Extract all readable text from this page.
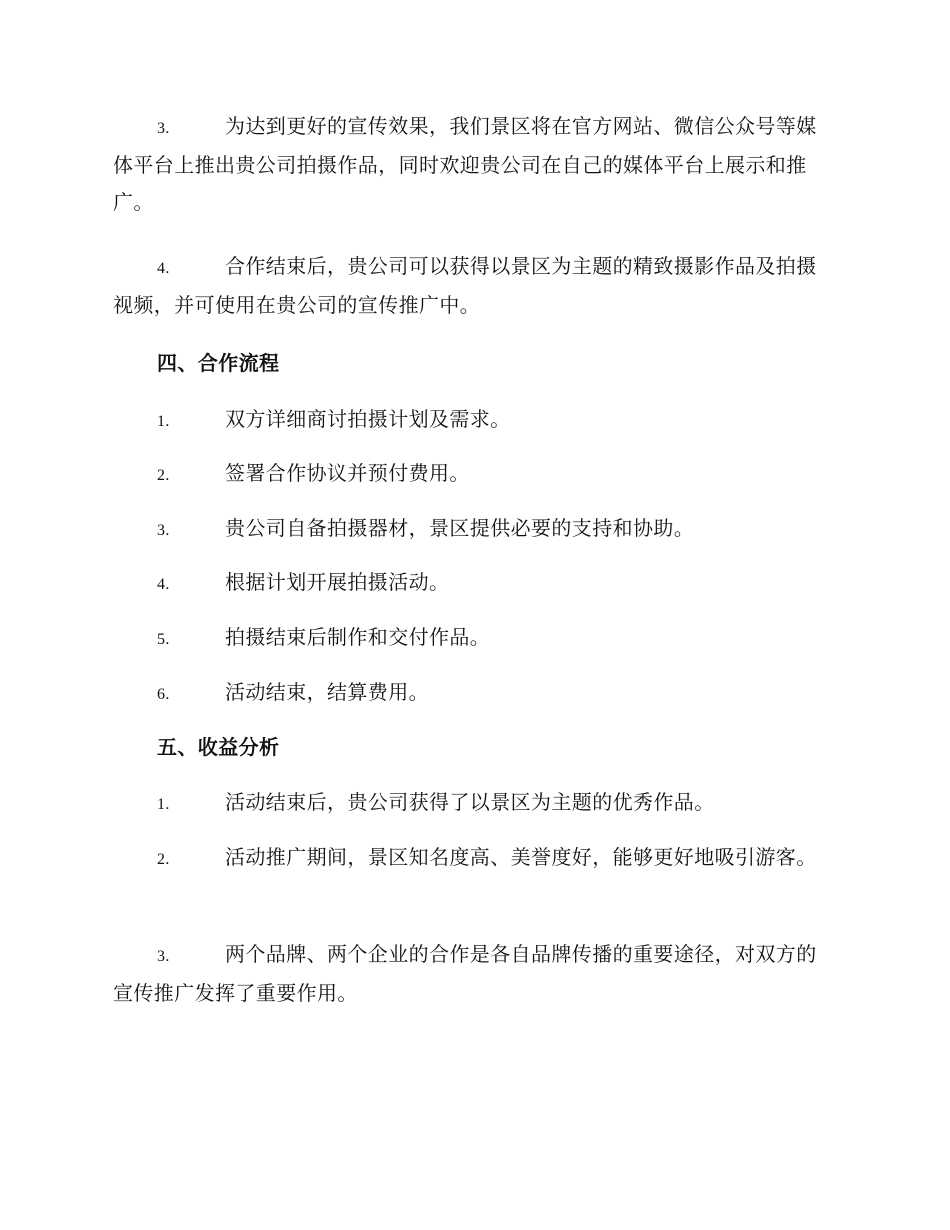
3.	为达到更好的宣传效果，我们景区将在官方网站、微信公众号等媒体平台上推出贵公司拍摄作品，同时欢迎贵公司在自己的媒体平台上展示和推广。

4.	合作结束后，贵公司可以获得以景区为主题的精致摄影作品及拍摄视频，并可使用在贵公司的宣传推广中。

四、合作流程

1.	双方详细商讨拍摄计划及需求。

2.	签署合作协议并预付费用。

3.	贵公司自备拍摄器材，景区提供必要的支持和协助。

4.	根据计划开展拍摄活动。

5.	拍摄结束后制作和交付作品。

6.	活动结束，结算费用。

五、收益分析

1.	活动结束后，贵公司获得了以景区为主题的优秀作品。

2.	活动推广期间，景区知名度高、美誉度好，能够更好地吸引游客。

3.	两个品牌、两个企业的合作是各自品牌传播的重要途径，对双方的宣传推广发挥了重要作用。
